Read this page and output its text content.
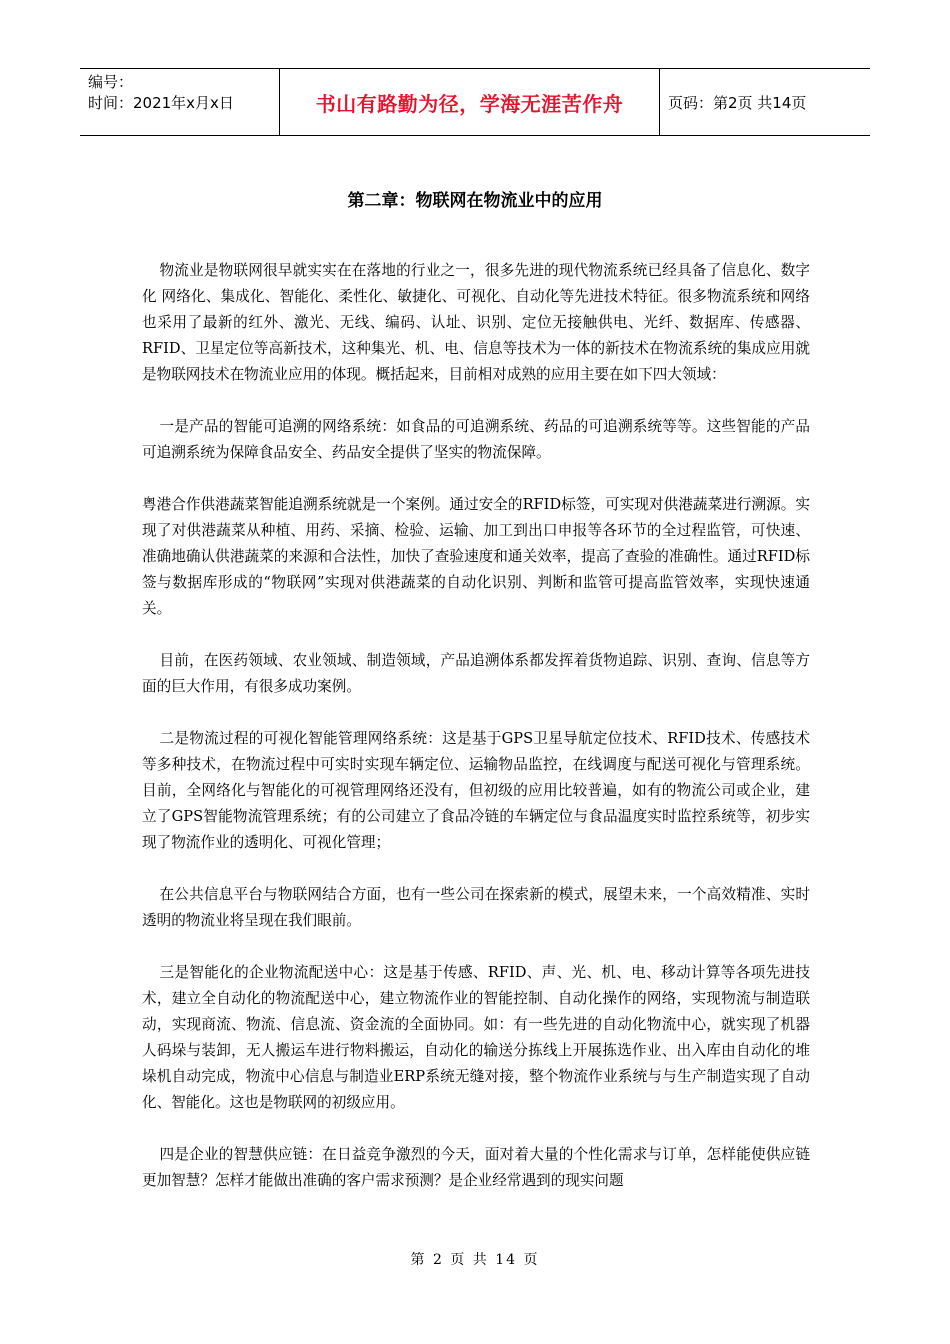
编号：
时间：2021年x月x日	书山有路勤为径，学海无涯苦作舟	页码：第2页 共14页
第二章：物联网在物流业中的应用

物流业是物联网很早就实实在在落地的行业之一，很多先进的现代物流系统已经具备了信息化、数字化 网络化、集成化、智能化、柔性化、敏捷化、可视化、自动化等先进技术特征。很多物流系统和网络也采用了最新的红外、激光、无线、编码、认址、识别、定位无接触供电、光纤、数据库、传感器、RFID、卫星定位等高新技术，这种集光、机、电、信息等技术为一体的新技术在物流系统的集成应用就是物联网技术在物流业应用的体现。概括起来，目前相对成熟的应用主要在如下四大领域：

一是产品的智能可追溯的网络系统：如食品的可追溯系统、药品的可追溯系统等等。这些智能的产品可追溯系统为保障食品安全、药品安全提供了坚实的物流保障。

粤港合作供港蔬菜智能追溯系统就是一个案例。通过安全的RFID标签，可实现对供港蔬菜进行溯源。实现了对供港蔬菜从种植、用药、采摘、检验、运输、加工到出口申报等各环节的全过程监管，可快速、准确地确认供港蔬菜的来源和合法性，加快了查验速度和通关效率，提高了查验的准确性。通过RFID标签与数据库形成的“物联网”实现对供港蔬菜的自动化识别、判断和监管可提高监管效率，实现快速通关。

目前，在医药领域、农业领域、制造领域，产品追溯体系都发挥着货物追踪、识别、查询、信息等方面的巨大作用，有很多成功案例。

二是物流过程的可视化智能管理网络系统：这是基于GPS卫星导航定位技术、RFID技术、传感技术等多种技术，在物流过程中可实时实现车辆定位、运输物品监控，在线调度与配送可视化与管理系统。目前，全网络化与智能化的可视管理网络还没有，但初级的应用比较普遍，如有的物流公司或企业，建立了GPS智能物流管理系统；有的公司建立了食品冷链的车辆定位与食品温度实时监控系统等，初步实现了物流作业的透明化、可视化管理；

在公共信息平台与物联网结合方面，也有一些公司在探索新的模式，展望未来，一个高效精准、实时透明的物流业将呈现在我们眼前。

三是智能化的企业物流配送中心：这是基于传感、RFID、声、光、机、电、移动计算等各项先进技术，建立全自动化的物流配送中心，建立物流作业的智能控制、自动化操作的网络，实现物流与制造联动，实现商流、物流、信息流、资金流的全面协同。如：有一些先进的自动化物流中心，就实现了机器人码垛与装卸，无人搬运车进行物料搬运，自动化的输送分拣线上开展拣选作业、出入库由自动化的堆垛机自动完成，物流中心信息与制造业ERP系统无缝对接，整个物流作业系统与与生产制造实现了自动化、智能化。这也是物联网的初级应用。

四是企业的智慧供应链：在日益竞争激烈的今天，面对着大量的个性化需求与订单，怎样能使供应链更加智慧？怎样才能做出准确的客户需求预测？是企业经常遇到的现实问题

第 2 页 共 14 页
